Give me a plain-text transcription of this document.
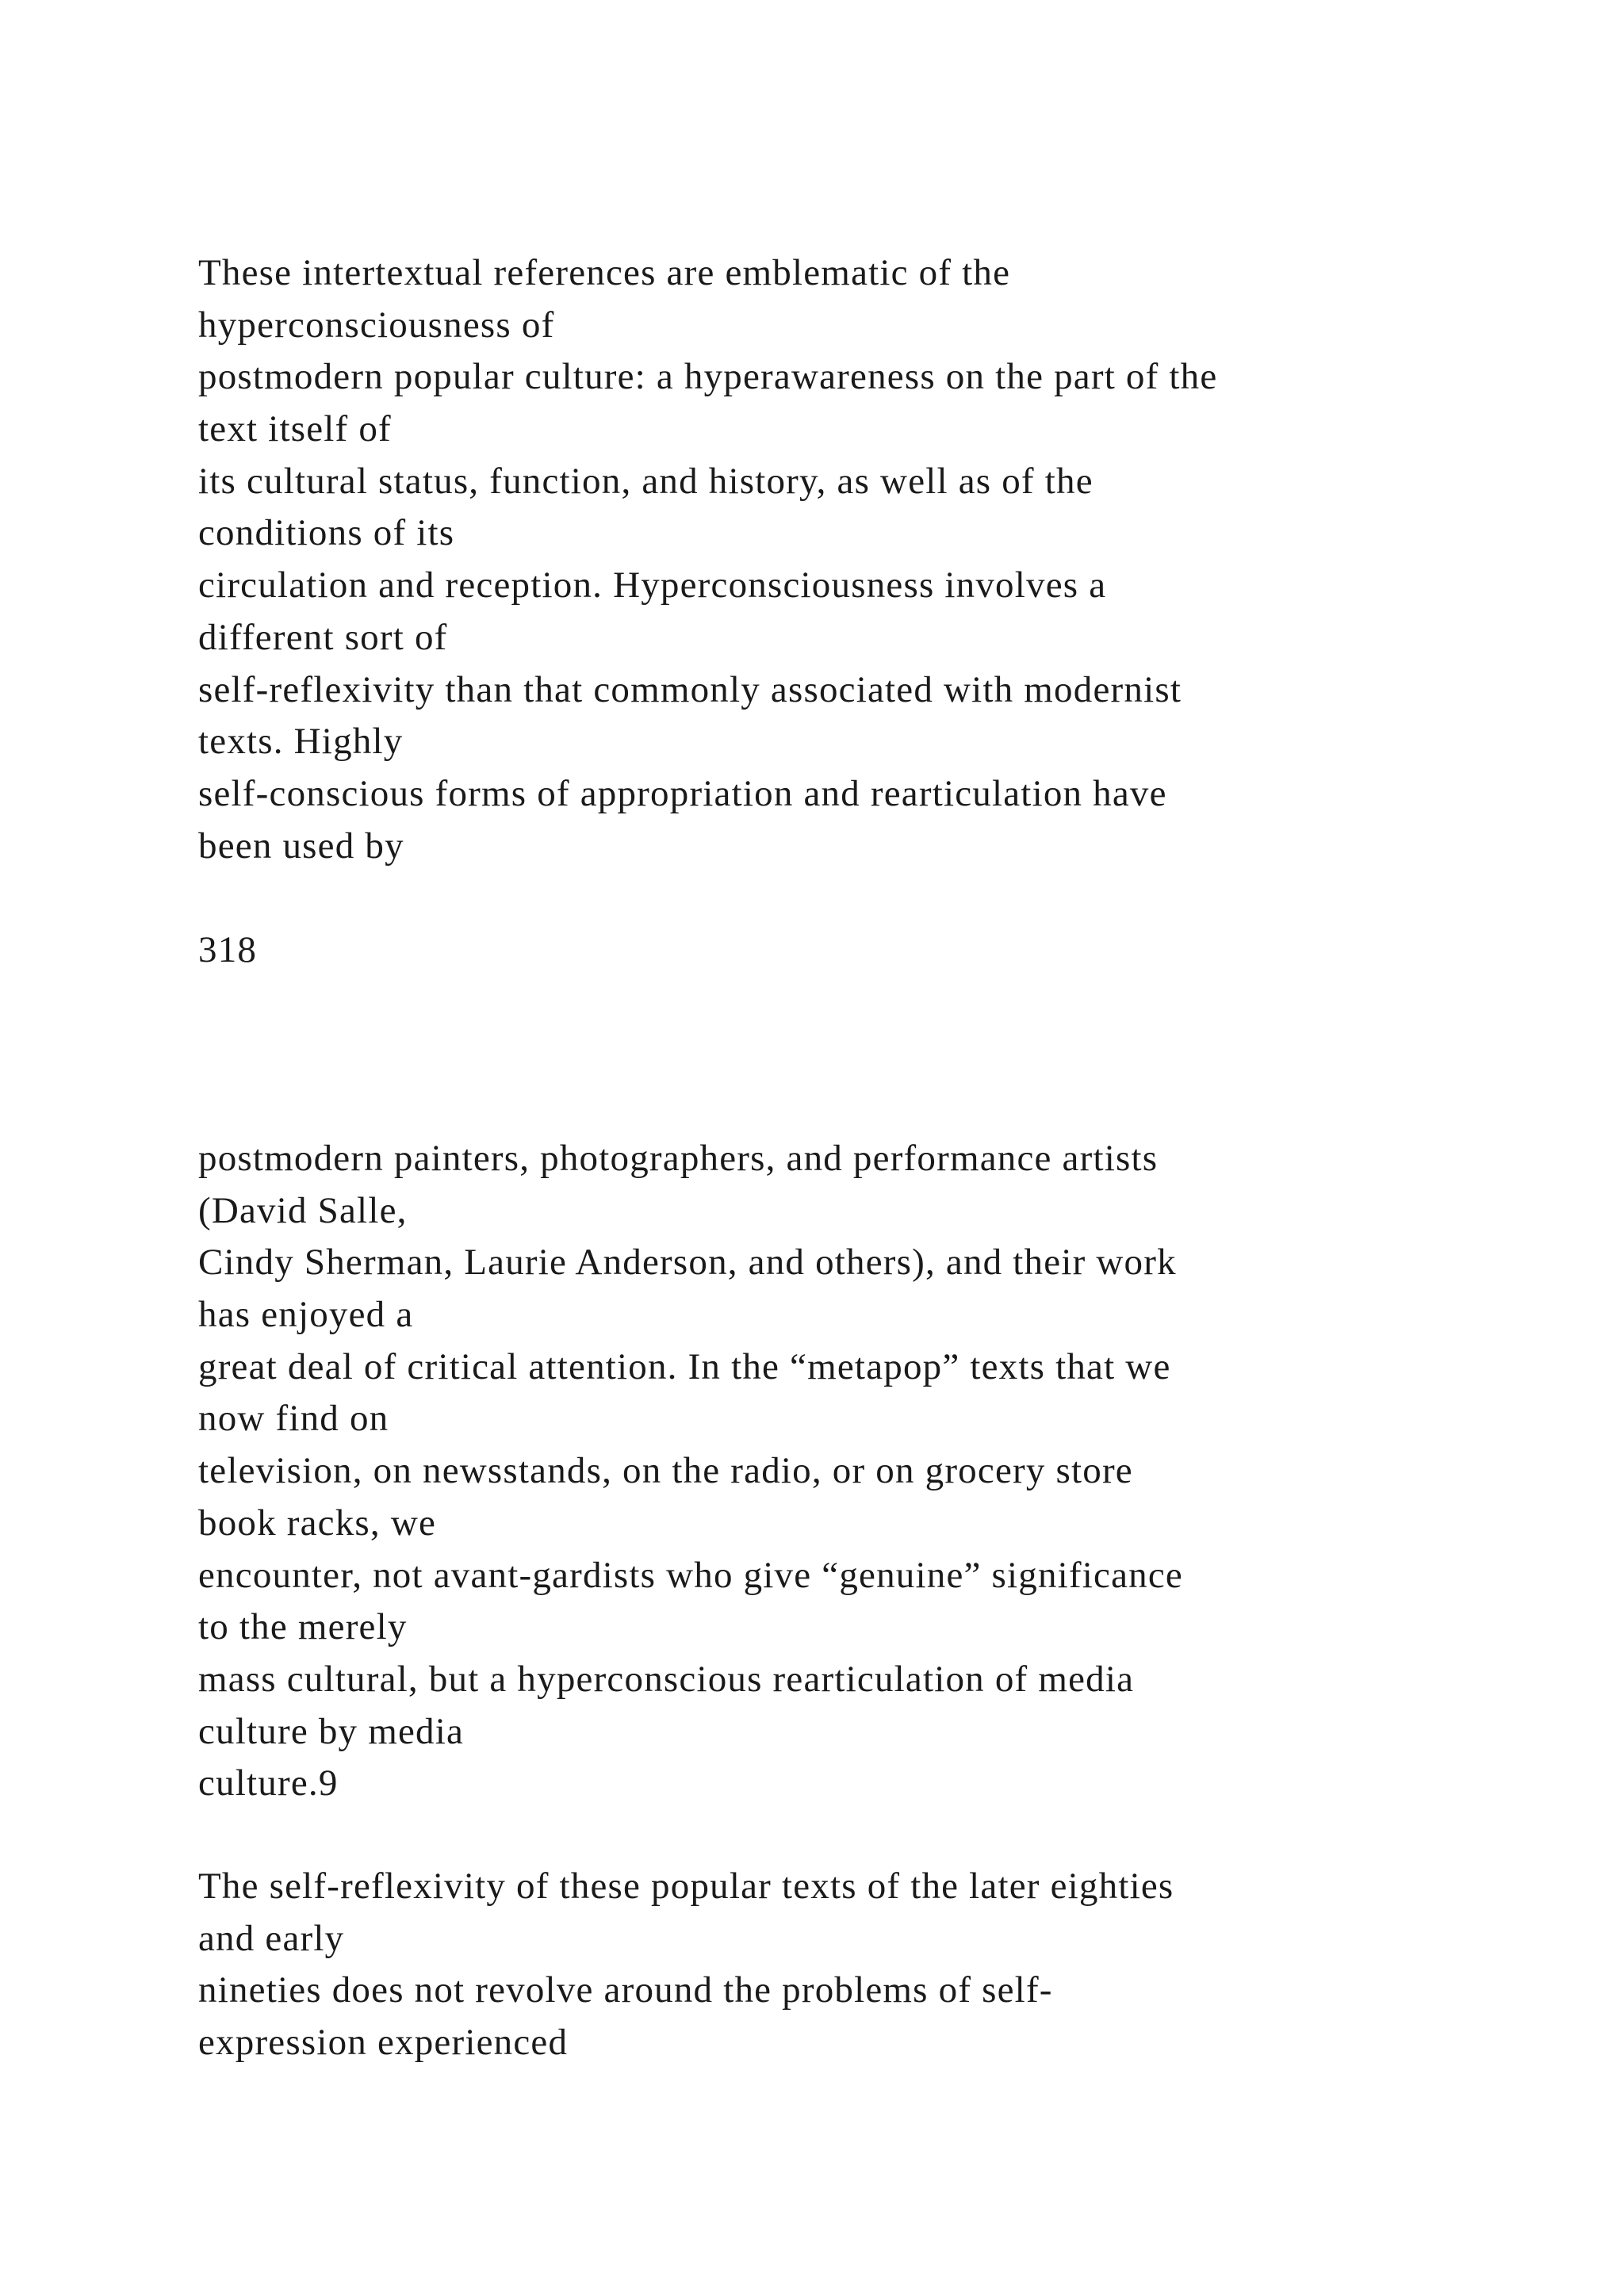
These intertextual references are emblematic of the
hyperconsciousness of
postmodern popular culture: a hyperawareness on the part of the
text itself of
its cultural status, function, and history, as well as of the
conditions of its
circulation and reception. Hyperconsciousness involves a
different sort of
self-reflexivity than that commonly associated with modernist
texts. Highly
self-conscious forms of appropriation and rearticulation have
been used by
318
postmodern painters, photographers, and performance artists
(David Salle,
Cindy Sherman, Laurie Anderson, and others), and their work
has enjoyed a
great deal of critical attention. In the “metapop” texts that we
now find on
television, on newsstands, on the radio, or on grocery store
book racks, we
encounter, not avant-gardists who give “genuine” significance
to the merely
mass cultural, but a hyperconscious rearticulation of media
culture by media
culture.9
The self-reflexivity of these popular texts of the later eighties
and early
nineties does not revolve around the problems of self-
expression experienced
